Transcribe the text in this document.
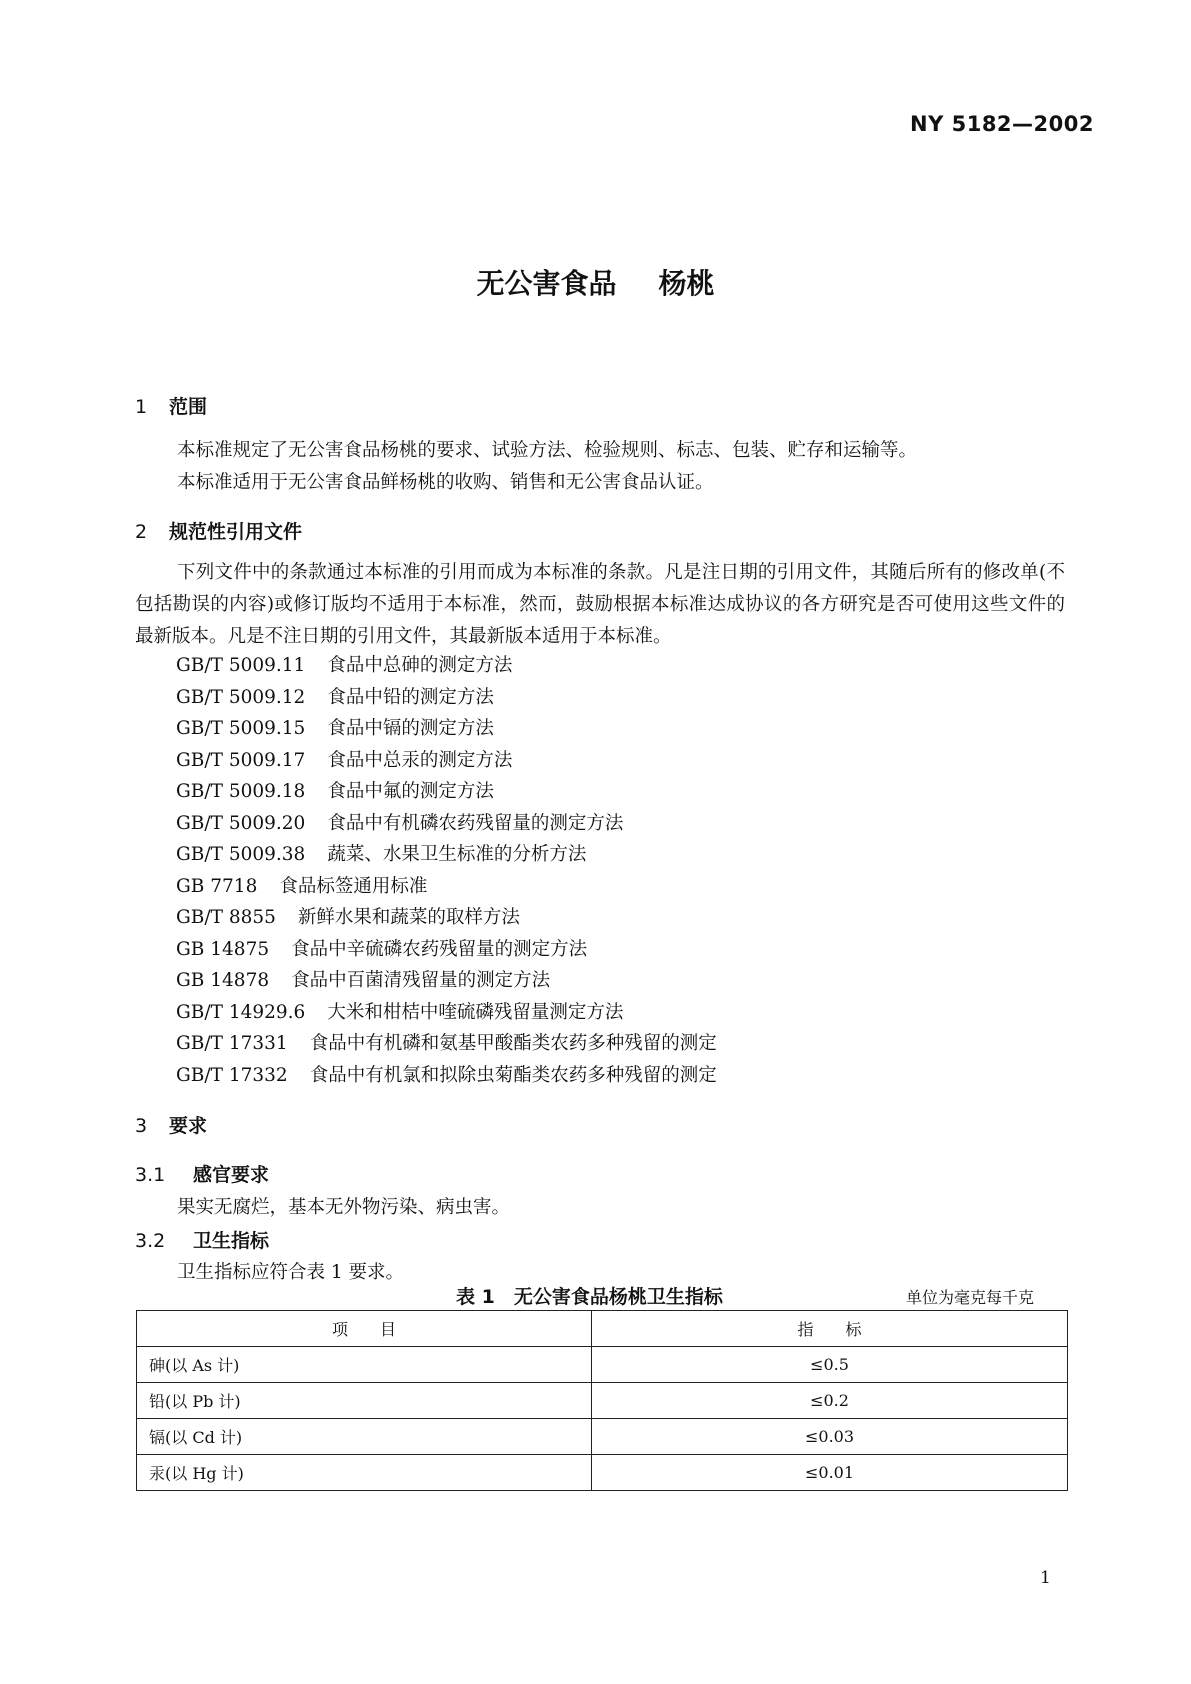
NY 5182—2002
无公害食品 杨桃
1 范围
本标准规定了无公害食品杨桃的要求、试验方法、检验规则、标志、包装、贮存和运输等。
本标准适用于无公害食品鲜杨桃的收购、销售和无公害食品认证。
2 规范性引用文件
下列文件中的条款通过本标准的引用而成为本标准的条款。凡是注日期的引用文件，其随后所有的修改单(不包括勘误的内容)或修订版均不适用于本标准，然而，鼓励根据本标准达成协议的各方研究是否可使用这些文件的最新版本。凡是不注日期的引用文件，其最新版本适用于本标准。
GB/T 5009.11 食品中总砷的测定方法
GB/T 5009.12 食品中铅的测定方法
GB/T 5009.15 食品中镉的测定方法
GB/T 5009.17 食品中总汞的测定方法
GB/T 5009.18 食品中氟的测定方法
GB/T 5009.20 食品中有机磷农药残留量的测定方法
GB/T 5009.38 蔬菜、水果卫生标准的分析方法
GB 7718 食品标签通用标准
GB/T 8855 新鲜水果和蔬菜的取样方法
GB 14875 食品中辛硫磷农药残留量的测定方法
GB 14878 食品中百菌清残留量的测定方法
GB/T 14929.6 大米和柑桔中喹硫磷残留量测定方法
GB/T 17331 食品中有机磷和氨基甲酸酯类农药多种残留的测定
GB/T 17332 食品中有机氯和拟除虫菊酯类农药多种残留的测定
3 要求
3.1 感官要求
果实无腐烂，基本无外物污染、病虫害。
3.2 卫生指标
卫生指标应符合表 1 要求。
表 1　无公害食品杨桃卫生指标	单位为毫克每千克
项 目	指 标
砷(以 As 计)	≤0.5
铅(以 Pb 计)	≤0.2
镉(以 Cd 计)	≤0.03
汞(以 Hg 计)	≤0.01
1
